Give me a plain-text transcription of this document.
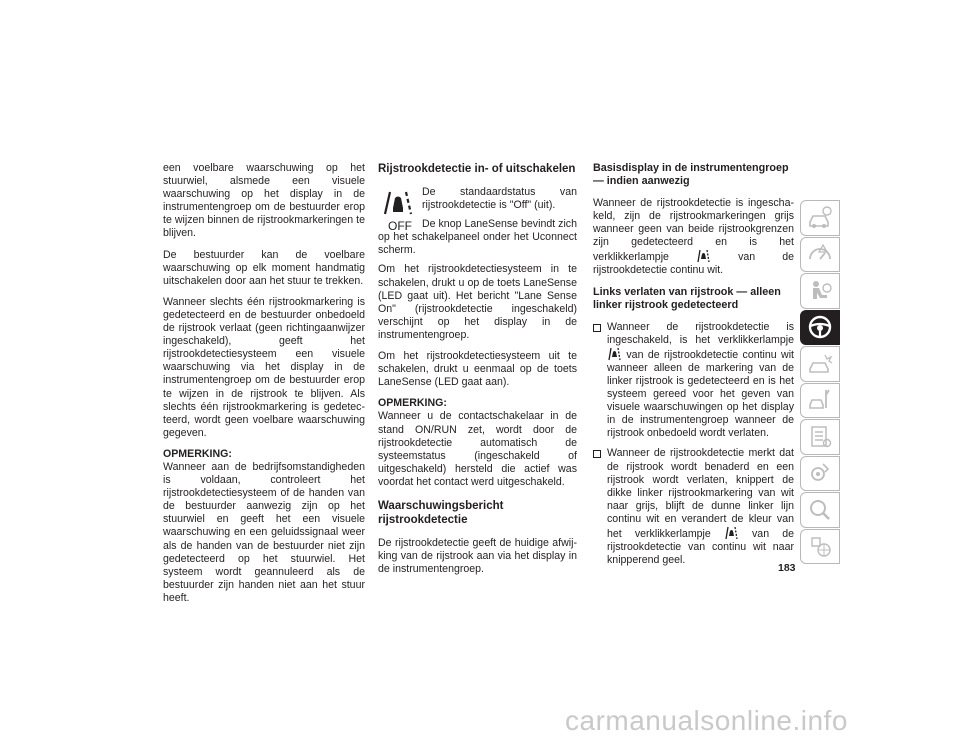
een voelbare waarschuwing op het stuurwiel, alsmede een visuele waarschuwing op het display in de instrumentengroep om de bestuurder erop te wijzen binnen de rijstrookmarkeringen te blijven.

De bestuurder kan de voelbare waarschuwing op elk moment handmatig uitschakelen door aan het stuur te trekken.

Wanneer slechts één rijstrookmarkering is gedetecteerd en de bestuurder onbedoeld de rijstrook verlaat (geen richtingaanwijzer ingeschakeld), geeft het rijstrookdetectiesysteem een visuele waarschuwing via het display in de instrumentengroep om de bestuurder erop te wijzen in de rijstrook te blijven. Als slechts één rijstrookmarkering is gedetecteerd, wordt geen voelbare waarschuwing gegeven.

OPMERKING:

Wanneer aan de bedrijfsomstandigheden is voldaan, controleert het rijstrookdetectiesysteem of de handen van de bestuurder aanwezig zijn op het stuurwiel en geeft het een visuele waarschuwing en een geluidssignaal weer als de handen van de bestuurder niet zijn gedetecteerd op het stuurwiel. Het systeem wordt geannuleerd als de bestuurder zijn handen niet aan het stuur heeft.

Rijstrookdetectie in- of uitschakelen
OFF

De standaardstatus van rijstrookdetectie is "Off" (uit).

De knop LaneSense bevindt zich op het schakelpaneel onder het Uconnect scherm.

Om het rijstrookdetectiesysteem in te schakelen, drukt u op de toets LaneSense (LED gaat uit). Het bericht "Lane Sense On" (rijstrookdetectie ingeschakeld) verschijnt op het display in de instrumentengroep.

Om het rijstrookdetectiesysteem uit te schakelen, drukt u eenmaal op de toets LaneSense (LED gaat aan).

OPMERKING:

Wanneer u de contactschakelaar in de stand ON/RUN zet, wordt door de rijstrookdetectie automatisch de systeemstatus (ingeschakeld of uitgeschakeld) hersteld die actief was voordat het contact werd uitgeschakeld.

Waarschuwingsbericht rijstrookdetectie

De rijstrookdetectie geeft de huidige afwijking van de rijstrook aan via het display in de instrumentengroep.

Basisdisplay in de instrumentengroep — indien aanwezig

Wanneer de rijstrookdetectie is ingeschakeld, zijn de rijstrookmarkeringen grijs wanneer geen van beide rijstrookgrenzen zijn gedetecteerd en is het verklikkerlampje	van de rijstrookdetectie continu wit.

Links verlaten van rijstrook — alleen linker rijstrook gedetecteerd
Wanneer de rijstrookdetectie is ingeschakeld, is het verklikkerlampje  van de rijstrookdetectie continu wit wanneer alleen de markering van de linker rijstrook is gedetecteerd en is het systeem gereed voor het geven van visuele waarschuwingen op het display in de instrumentengroep wanneer de rijstrook onbedoeld wordt verlaten.
Wanneer de rijstrookdetectie merkt dat de rijstrook wordt benaderd en een rijstrook wordt verlaten, knippert de dikke linker rijstrookmarkering van wit naar grijs, blijft de dunne linker lijn continu wit en verandert de kleur van het verklikkerlampje	van de rijstrookdetectie van continu wit naar knipperend geel.
183
carmanualsonline.info
